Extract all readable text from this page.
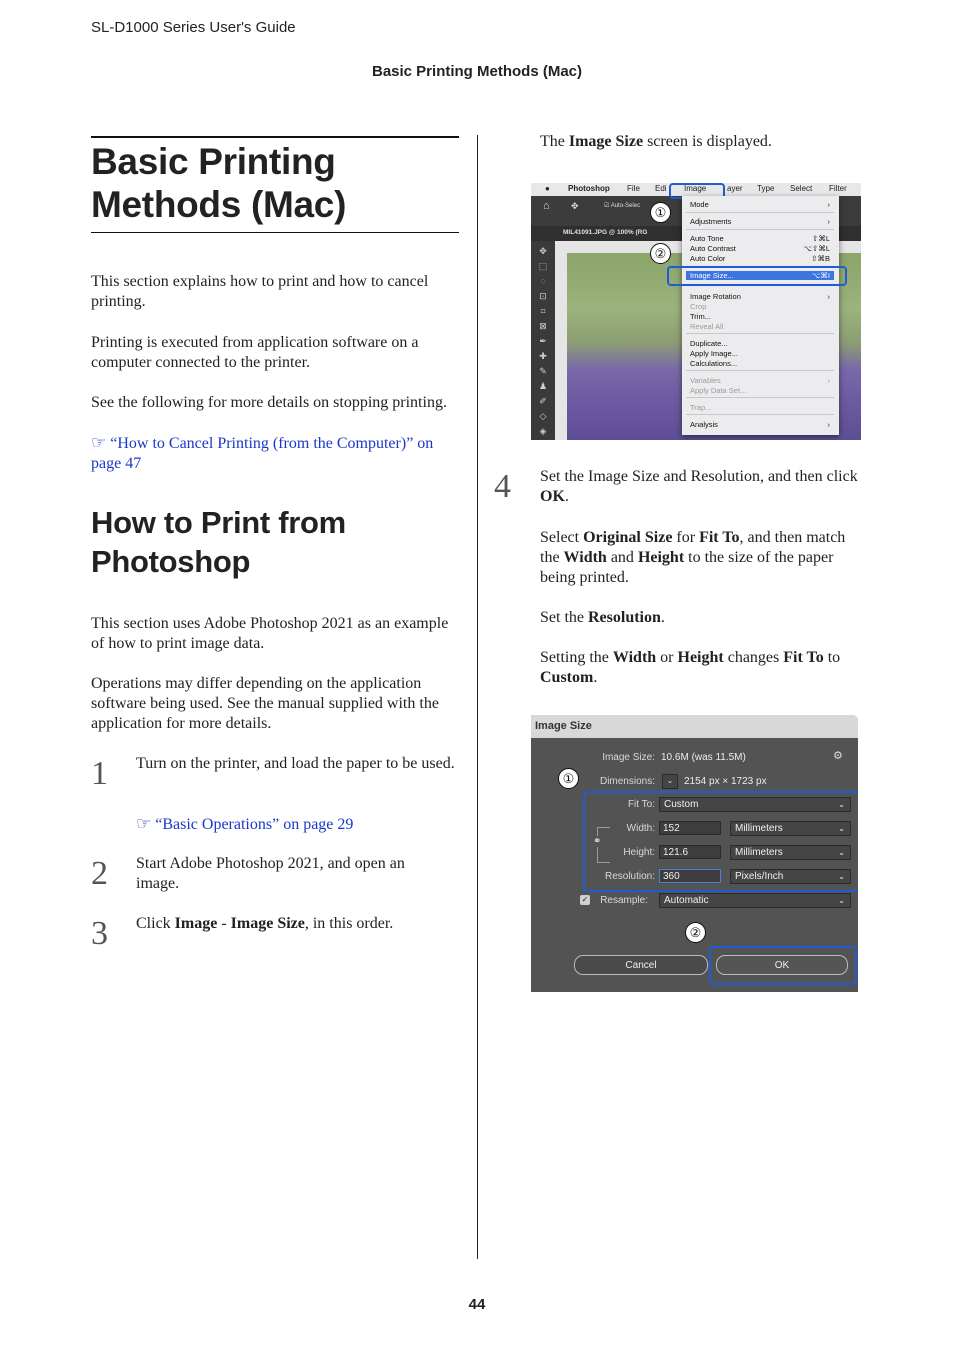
SL-D1000 Series User's Guide
Basic Printing Methods (Mac)
Basic Printing Methods (Mac)
This section explains how to print and how to cancel printing.
Printing is executed from application software on a computer connected to the printer.
See the following for more details on stopping printing.
☞ “How to Cancel Printing (from the Computer)” on page 47
How to Print from Photoshop
This section uses Adobe Photoshop 2021 as an example of how to print image data.
Operations may differ depending on the application software being used. See the manual supplied with the application for more details.
1 Turn on the printer, and load the paper to be used.
☞ “Basic Operations” on page 29
2 Start Adobe Photoshop 2021, and open an image.
3 Click Image - Image Size, in this order.
The Image Size screen is displayed.
● Photoshop File Edi Image	ayer Type Select Filter
⌂ ✥	☑ Auto-Selec
MIL41091.JPG @ 100% (RG
✥
⬚
◌
⊡
⌗
⊠
✒
✚
✎
♟
✐
◇
◈
Mode	›
Adjustments	›
Auto Tone	⇧⌘L
Auto Contrast	⌥⇧⌘L
Auto Color	⇧⌘B
Image Size...	⌥⌘I
Image Rotation	›
Crop
Trim...
Reveal All
Duplicate...
Apply Image...
Calculations...
Variables	›
Apply Data Set...
Trap...
Analysis	›
①
②
4 Set the Image Size and Resolution, and then click OK.
Select Original Size for Fit To, and then match the Width and Height to the size of the paper being printed.
Set the Resolution.
Setting the Width or Height changes Fit To to Custom.
Image Size
Image Size: 10.6M (was 11.5M)	⚙
Dimensions:	⌄	2154 px × 1723 px
Fit To: Custom	⌄
Width: 152	Millimeters	⌄
⚭
Height: 121.6	Millimeters	⌄
Resolution: 360	Pixels/Inch	⌄
✓	Resample:	Automatic	⌄
Cancel	OK
①
②
44
